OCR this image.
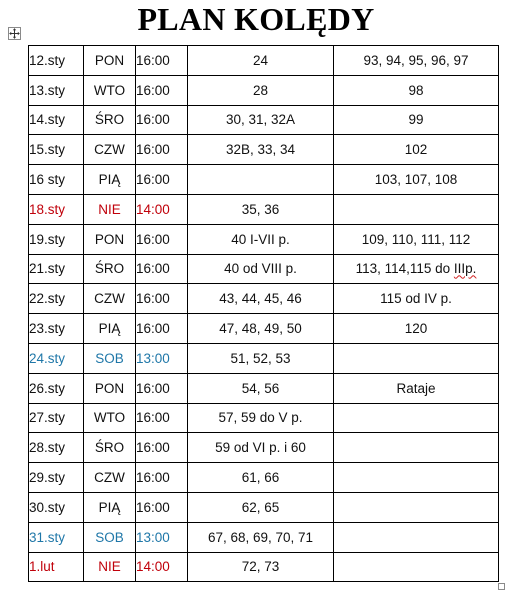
PLAN KOLĘDY
12.sty	PON	16:00	24	93, 94, 95, 96, 97
13.sty	WTO	16:00	28	98
14.sty	ŚRO	16:00	30, 31, 32A	99
15.sty	CZW	16:00	32B, 33, 34	102
16 sty	PIĄ	16:00		103, 107, 108
18.sty	NIE	14:00	35, 36	
19.sty	PON	16:00	40 I-VII p.	109, 110, 111, 112
21.sty	ŚRO	16:00	40 od VIII p.	113, 114,115 do IIIp.
22.sty	CZW	16:00	43, 44, 45, 46	115 od IV p.
23.sty	PIĄ	16:00	47, 48, 49, 50	120
24.sty	SOB	13:00	51, 52, 53	
26.sty	PON	16:00	54, 56	Rataje
27.sty	WTO	16:00	57, 59 do V p.	
28.sty	ŚRO	16:00	59 od VI p. i 60	
29.sty	CZW	16:00	61, 66	
30.sty	PIĄ	16:00	62, 65	
31.sty	SOB	13:00	67, 68, 69, 70, 71	
1.lut	NIE	14:00	72, 73	
